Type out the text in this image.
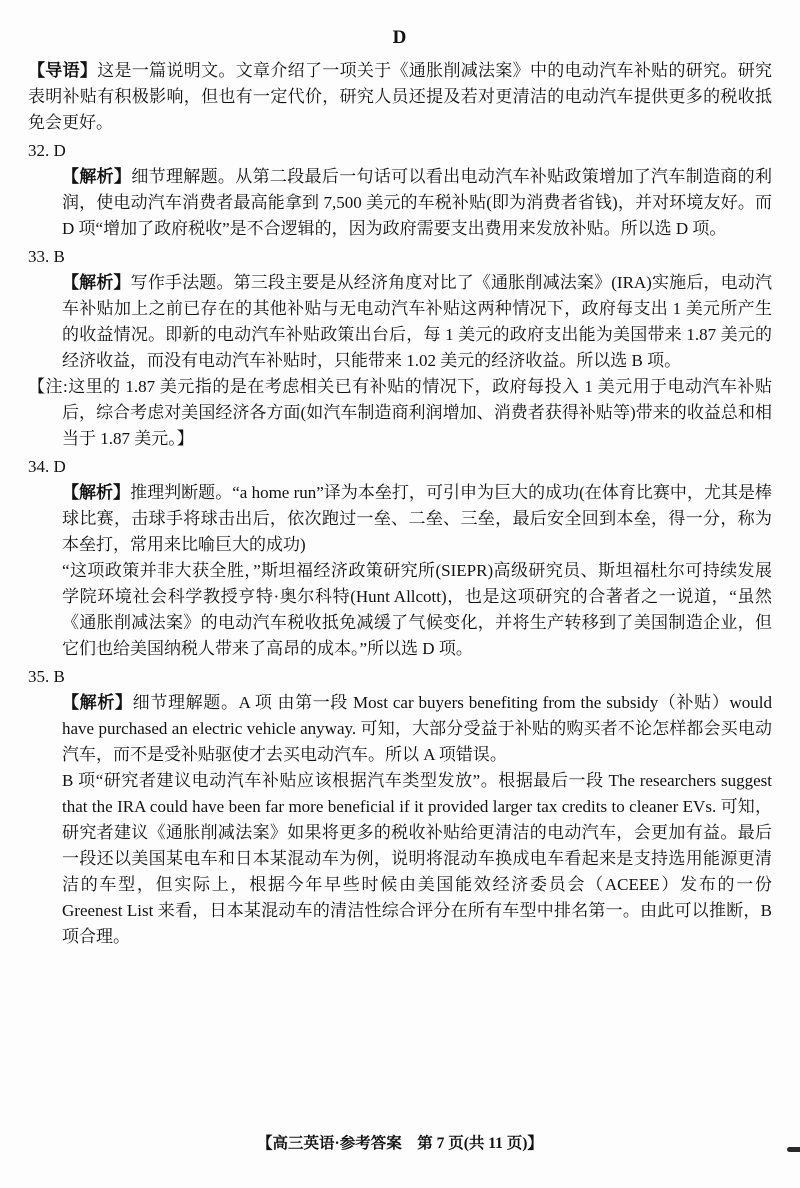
D

【导语】这是一篇说明文。文章介绍了一项关于《通胀削减法案》中的电动汽车补贴的研究。研究表明补贴有积极影响，但也有一定代价，研究人员还提及若对更清洁的电动汽车提供更多的税收抵免会更好。

32. D

【解析】细节理解题。从第二段最后一句话可以看出电动汽车补贴政策增加了汽车制造商的利润，使电动汽车消费者最高能拿到 7,500 美元的车税补贴(即为消费者省钱)，并对环境友好。而 D 项“增加了政府税收”是不合逻辑的，因为政府需要支出费用来发放补贴。所以选 D 项。

33. B

【解析】写作手法题。第三段主要是从经济角度对比了《通胀削减法案》(IRA)实施后，电动汽车补贴加上之前已存在的其他补贴与无电动汽车补贴这两种情况下，政府每支出 1 美元所产生的收益情况。即新的电动汽车补贴政策出台后，每 1 美元的政府支出能为美国带来 1.87 美元的经济收益，而没有电动汽车补贴时，只能带来 1.02 美元的经济收益。所以选 B 项。

【注:这里的 1.87 美元指的是在考虑相关已有补贴的情况下，政府每投入 1 美元用于电动汽车补贴后，综合考虑对美国经济各方面(如汽车制造商利润增加、消费者获得补贴等)带来的收益总和相当于 1.87 美元。】

34. D

【解析】推理判断题。“a home run”译为本垒打，可引申为巨大的成功(在体育比赛中，尤其是棒球比赛，击球手将球击出后，依次跑过一垒、二垒、三垒，最后安全回到本垒，得一分，称为本垒打，常用来比喻巨大的成功)

“这项政策并非大获全胜，”斯坦福经济政策研究所(SIEPR)高级研究员、斯坦福杜尔可持续发展学院环境社会科学教授亨特·奥尔科特(Hunt Allcott)，也是这项研究的合著者之一说道，“虽然《通胀削减法案》的电动汽车税收抵免减缓了气候变化，并将生产转移到了美国制造企业，但它们也给美国纳税人带来了高昂的成本。”所以选 D 项。

35. B

【解析】细节理解题。A 项 由第一段 Most car buyers benefiting from the subsidy（补贴）would have purchased an electric vehicle anyway. 可知，大部分受益于补贴的购买者不论怎样都会买电动汽车，而不是受补贴驱使才去买电动汽车。所以 A 项错误。

B 项“研究者建议电动汽车补贴应该根据汽车类型发放”。根据最后一段 The researchers suggest that the IRA could have been far more beneficial if it provided larger tax credits to cleaner EVs. 可知，研究者建议《通胀削减法案》如果将更多的税收补贴给更清洁的电动汽车，会更加有益。最后一段还以美国某电车和日本某混动车为例，说明将混动车换成电车看起来是支持选用能源更清洁的车型，但实际上，根据今年早些时候由美国能效经济委员会（ACEEE）发布的一份 Greenest List 来看，日本某混动车的清洁性综合评分在所有车型中排名第一。由此可以推断，B 项合理。

【高三英语·参考答案　第 7 页(共 11 页)】
